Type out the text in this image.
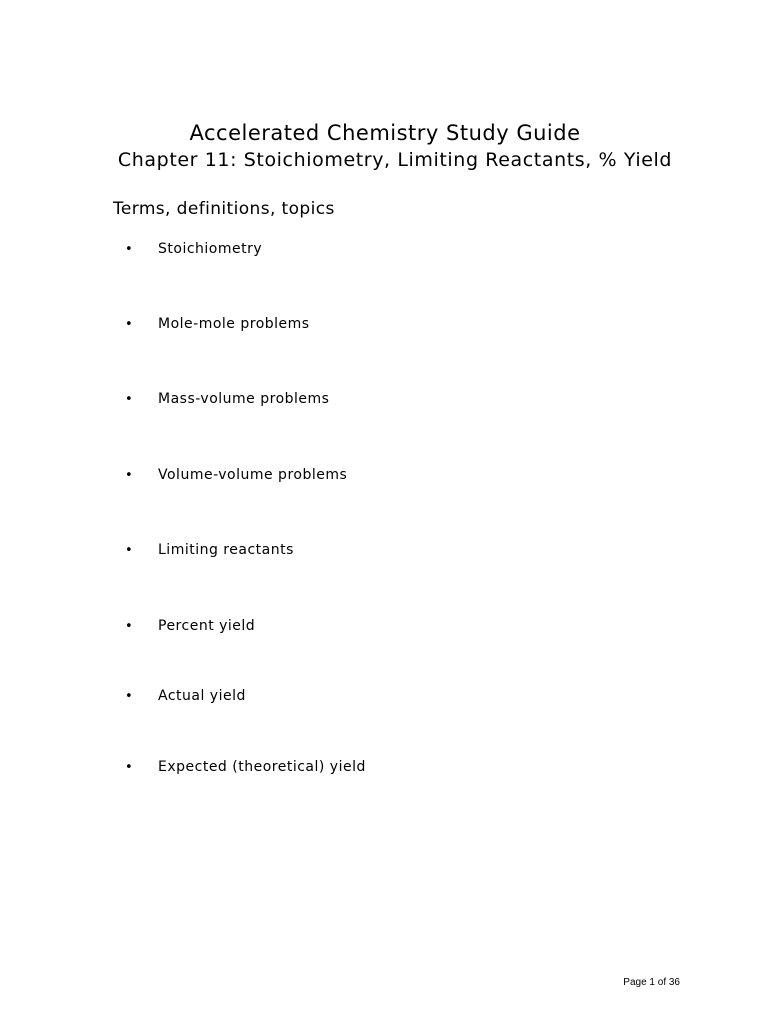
Accelerated Chemistry Study Guide
Chapter 11: Stoichiometry, Limiting Reactants, % Yield
Terms, definitions, topics
• Stoichiometry
• Mole-mole problems
• Mass-volume problems
• Volume-volume problems
• Limiting reactants
• Percent yield
• Actual yield
• Expected (theoretical) yield
Page 1 of 36
